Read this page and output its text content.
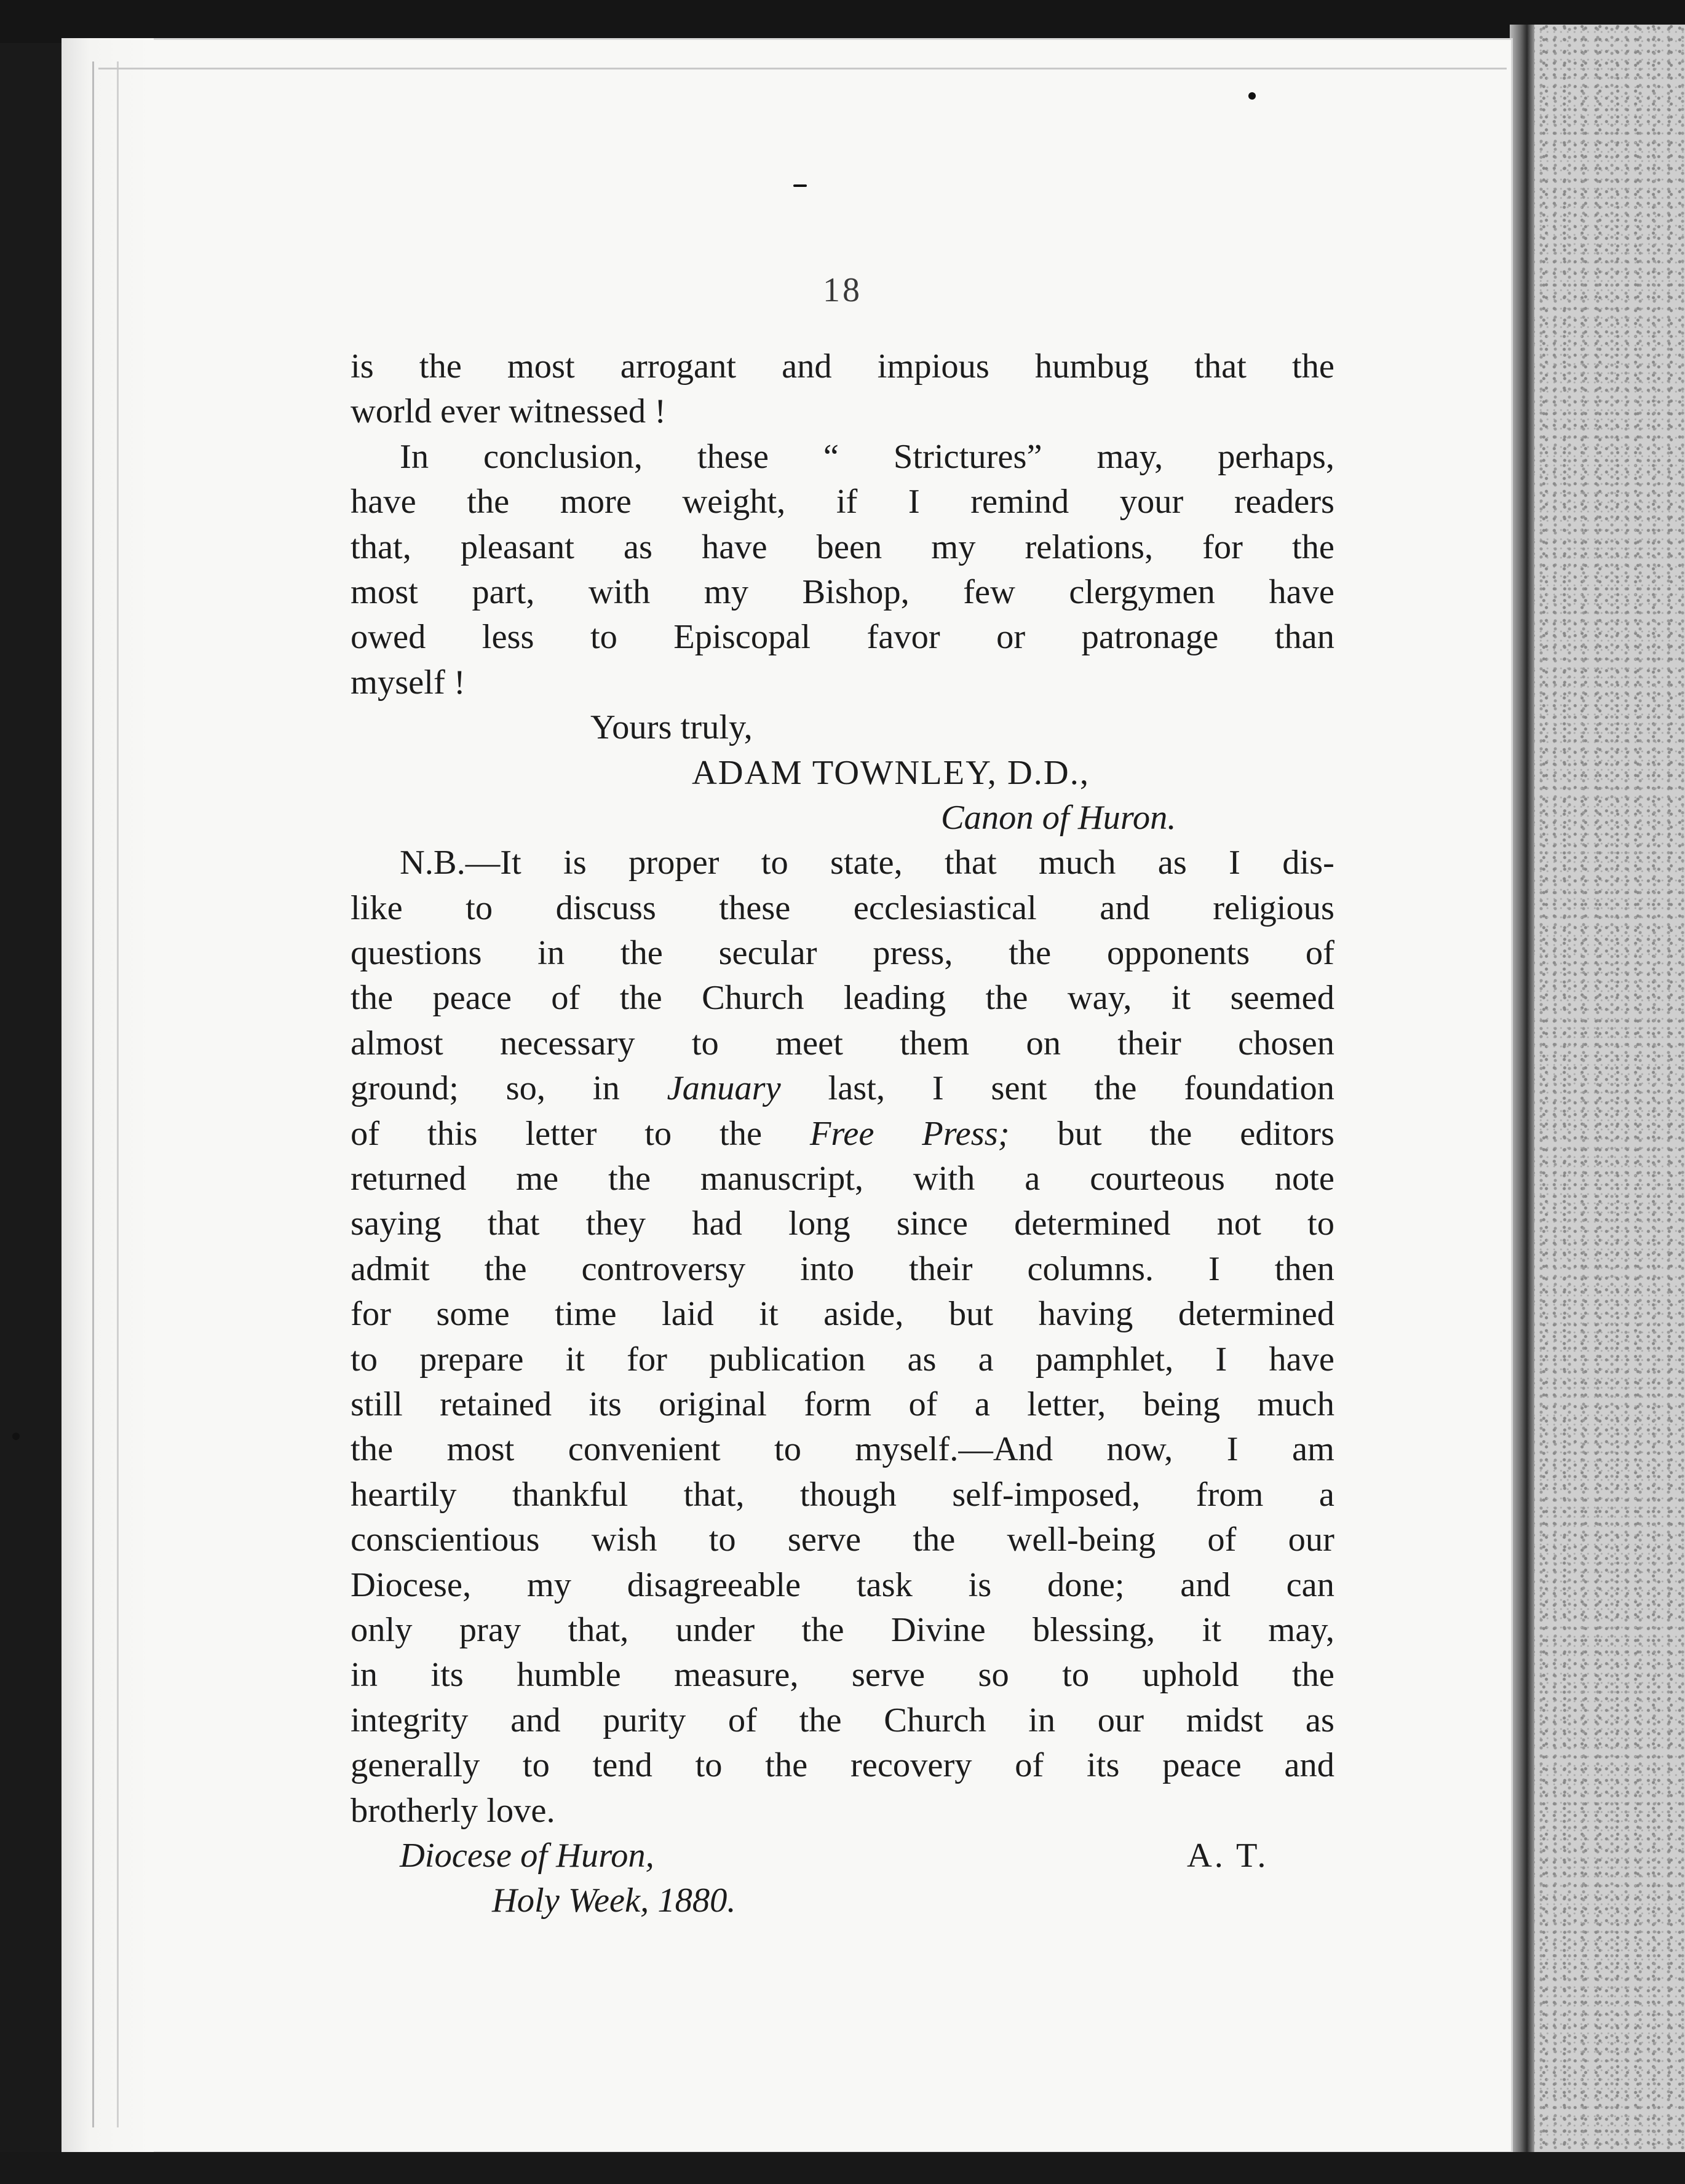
18
is the most arrogant and impious humbug that the
world ever witnessed !
In conclusion, these “ Strictures” may, perhaps,
have the more weight, if I remind your readers
that, pleasant as have been my relations, for the
most part, with my Bishop, few clergymen have
owed less to Episcopal favor or patronage than
myself !
Yours truly,
ADAM TOWNLEY, D.D.,
Canon of Huron.
N.B.—It is proper to state, that much as I dis-
like to discuss these ecclesiastical and religious
questions in the secular press, the opponents of
the peace of the Church leading the way, it seemed
almost necessary to meet them on their chosen
ground; so, in January last, I sent the foundation
of this letter to the Free Press; but the editors
returned me the manuscript, with a courteous note
saying that they had long since determined not to
admit the controversy into their columns. I then
for some time laid it aside, but having determined
to prepare it for publication as a pamphlet, I have
still retained its original form of a letter, being much
the most convenient to myself.—And now, I am
heartily thankful that, though self-imposed, from a
conscientious wish to serve the well-being of our
Diocese, my disagreeable task is done; and can
only pray that, under the Divine blessing, it may,
in its humble measure, serve so to uphold the
integrity and purity of the Church in our midst as
generally to tend to the recovery of its peace and
brotherly love.
Diocese of Huron,	A. T.
Holy Week, 1880.
